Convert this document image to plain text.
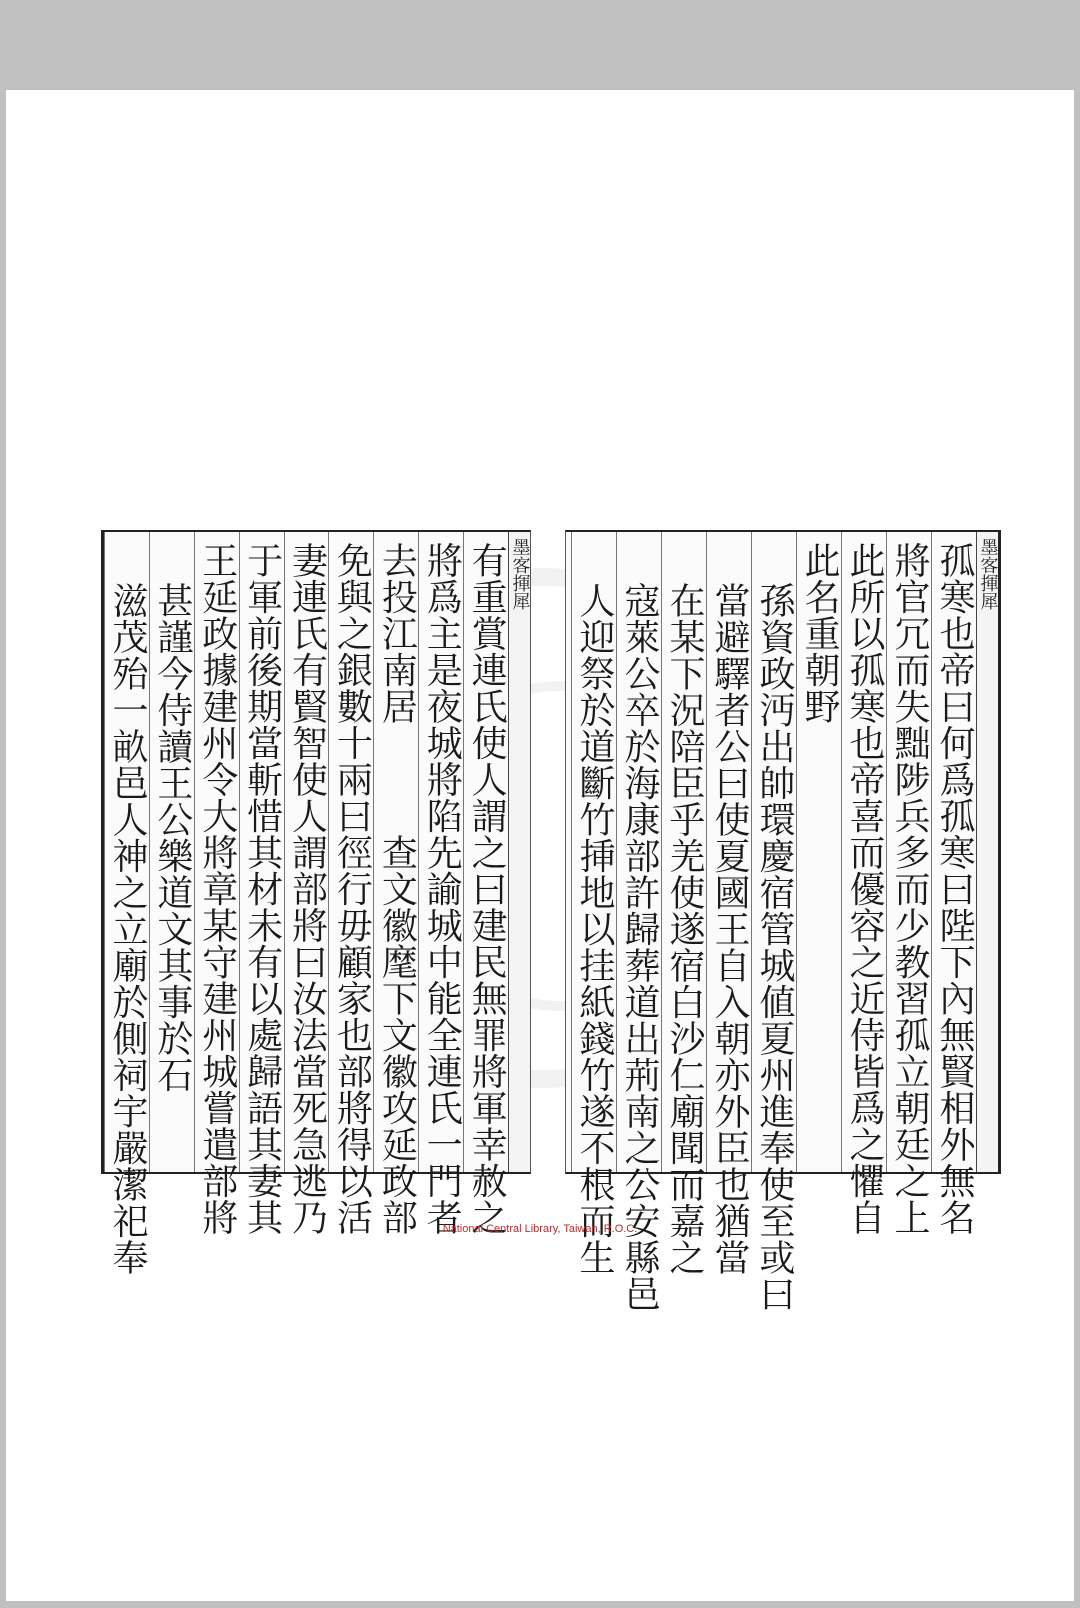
墨客揮犀
有重賞連氏使人謂之曰建民無罪將軍幸赦之
將爲主是夜城將陷先諭城中能全連氏一門者
去投江南居　　　查文徽麾下文徽攻延政部
免與之銀數十兩曰徑行毋顧家也部將得以活
妻連氏有賢智使人謂部將曰汝法當死急逃乃
于軍前後期當斬惜其材未有以處歸語其妻其
王延政據建州令大將章某守建州城嘗遣部將
甚謹今侍讀王公樂道文其事於石
滋茂殆一畝邑人神之立廟於側祠宇嚴潔祀奉
墨客揮犀
孤寒也帝曰何爲孤寒曰陛下內無賢相外無名
將官冗而失黜陟兵多而少教習孤立朝廷之上
此所以孤寒也帝喜而優容之近侍皆爲之懼自
此名重朝野
孫資政沔出帥環慶宿管城値夏州進奉使至或曰
當避驛者公曰使夏國王自入朝亦外臣也猶當
在某下況陪臣乎羌使遂宿白沙仁廟聞而嘉之
寇萊公卒於海康部許歸葬道出荊南之公安縣邑
人迎祭於道斷竹挿地以挂紙錢竹遂不根而生
National Central Library, Taiwan, R.O.C.
